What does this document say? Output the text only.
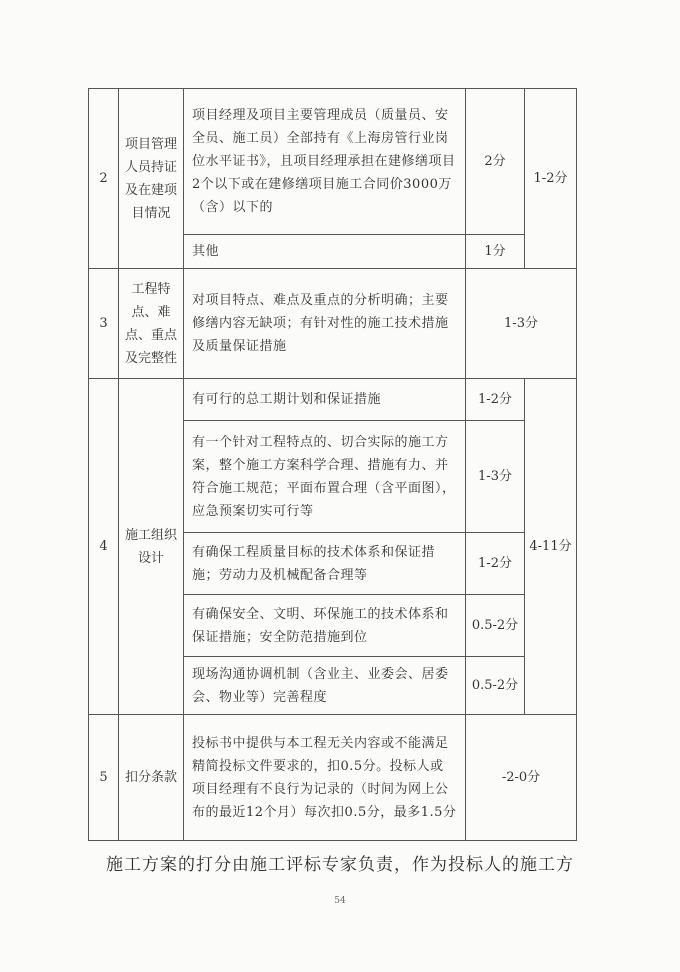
2	项目管理人员持证及在建项目情况	项目经理及项目主要管理成员（质量员、安全员、施工员）全部持有《上海房管行业岗位水平证书》，且项目经理承担在建修缮项目2个以下或在建修缮项目施工合同价3000万（含）以下的	2分	1-2分
		其他	1分	
3	工程特点、难点、重点及完整性	对项目特点、难点及重点的分析明确；主要修缮内容无缺项；有针对性的施工技术措施及质量保证措施	1-3分	
4	施工组织设计	有可行的总工期计划和保证措施	1-2分	4-11分
		有一个针对工程特点的、切合实际的施工方案，整个施工方案科学合理、措施有力、并符合施工规范；平面布置合理（含平面图），应急预案切实可行等	1-3分	
		有确保工程质量目标的技术体系和保证措施；劳动力及机械配备合理等	1-2分	
		有确保安全、文明、环保施工的技术体系和保证措施；安全防范措施到位	0.5-2分	
		现场沟通协调机制（含业主、业委会、居委会、物业等）完善程度	0.5-2分	
5	扣分条款	投标书中提供与本工程无关内容或不能满足精简投标文件要求的，扣0.5分。投标人或项目经理有不良行为记录的（时间为网上公布的最近12个月）每次扣0.5分，最多1.5分	-2-0分	
施工方案的打分由施工评标专家负责，作为投标人的施工方
54
